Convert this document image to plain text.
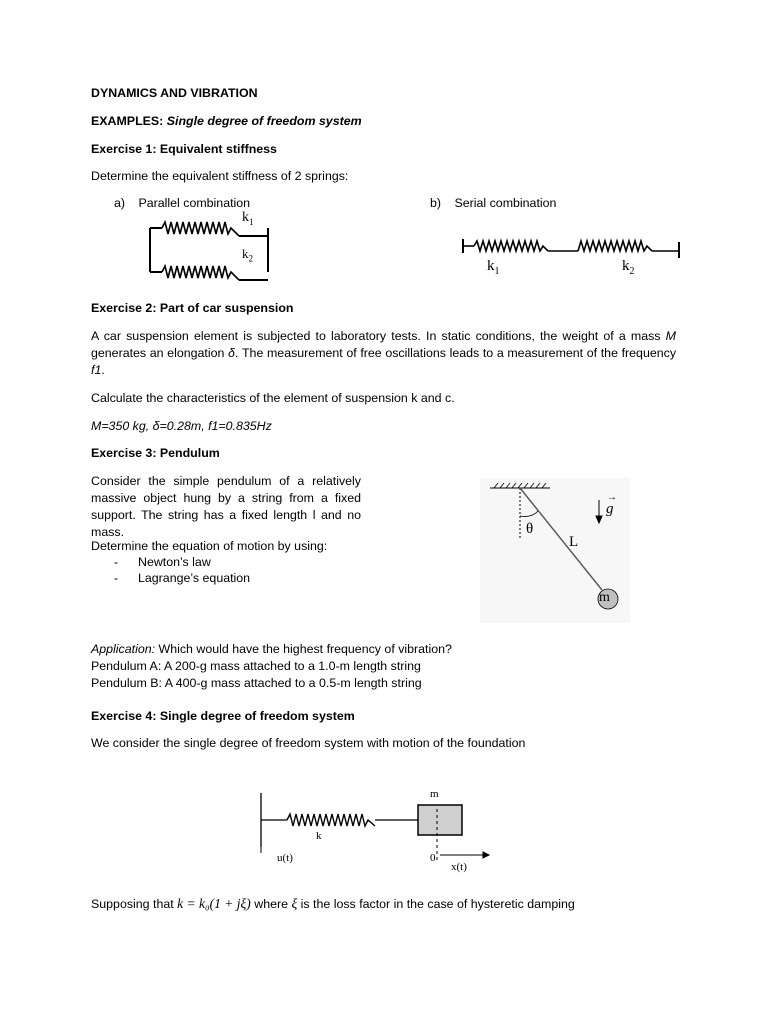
DYNAMICS AND VIBRATION
EXAMPLES: Single degree of freedom system
Exercise 1: Equivalent stiffness
Determine the equivalent stiffness of 2 springs:
a) Parallel combination	b) Serial combination
$k_1$
$k_2$	$k_1$	$k_2$
Exercise 2: Part of car suspension
A car suspension element is subjected to laboratory tests. In static conditions, the weight of a mass M generates an elongation δ. The measurement of free oscillations leads to a measurement of the frequency f1.
Calculate the characteristics of the element of suspension k and c.
M=350 kg, δ=0.28m, f1=0.835Hz
Exercise 3: Pendulum
Consider the simple pendulum of a relatively massive object hung by a string from a fixed support. The string has a fixed length l and no mass.
Determine the equation of motion by using:
- Newton’s law
- Lagrange’s equation
θ
L
→
g
m
Application: Which would have the highest frequency of vibration?
Pendulum A: A 200-g mass attached to a 1.0-m length string
Pendulum B: A 400-g mass attached to a 0.5-m length string
Exercise 4: Single degree of freedom system
We consider the single degree of freedom system with motion of the foundation
m
k
u(t)	0
x(t)
Supposing that k = k₀(1 + jξ) where ξ is the loss factor in the case of hysteretic damping
